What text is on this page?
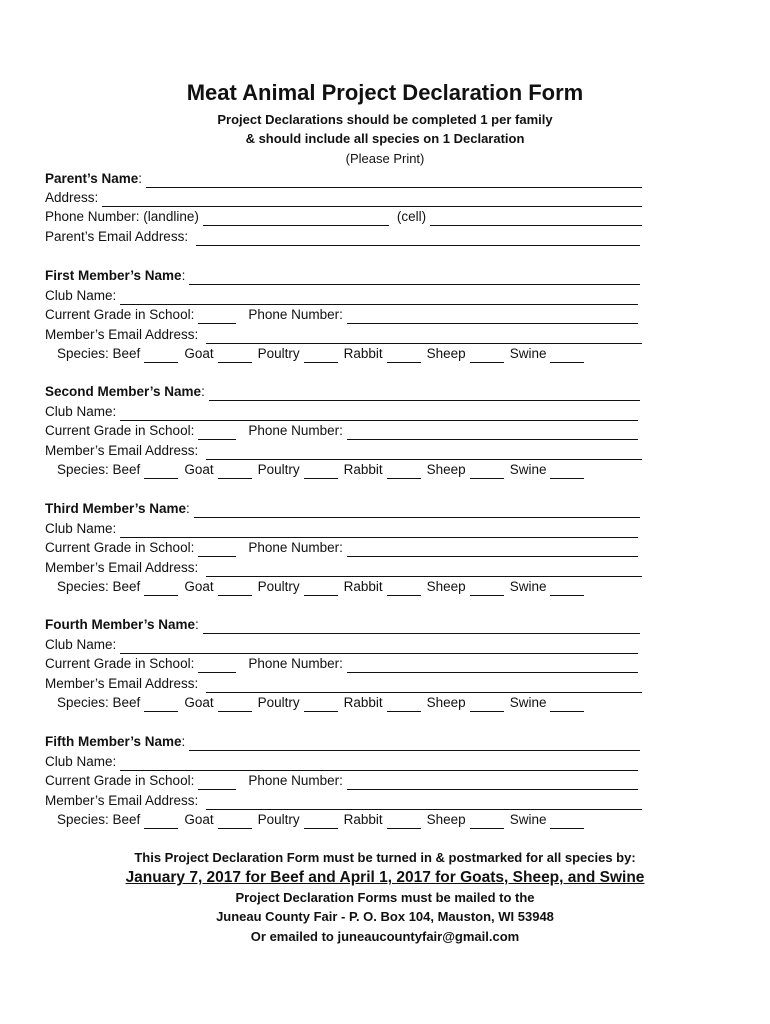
Meat Animal Project Declaration Form
Project Declarations should be completed 1 per family
& should include all species on 1 Declaration
(Please Print)
Parent’s Name:
Address:
Phone Number: (landline)	(cell)
Parent’s Email Address:
First Member’s Name:
Club Name:
Current Grade in School:	Phone Number:
Member’s Email Address:
Species: Beef	Goat	Poultry	Rabbit	Sheep	Swine
Second Member’s Name:
Club Name:
Current Grade in School:	Phone Number:
Member’s Email Address:
Species: Beef	Goat	Poultry	Rabbit	Sheep	Swine
Third Member’s Name:
Club Name:
Current Grade in School:	Phone Number:
Member’s Email Address:
Species: Beef	Goat	Poultry	Rabbit	Sheep	Swine
Fourth Member’s Name:
Club Name:
Current Grade in School:	Phone Number:
Member’s Email Address:
Species: Beef	Goat	Poultry	Rabbit	Sheep	Swine
Fifth Member’s Name:
Club Name:
Current Grade in School:	Phone Number:
Member’s Email Address:
Species: Beef	Goat	Poultry	Rabbit	Sheep	Swine
This Project Declaration Form must be turned in & postmarked for all species by:
January 7, 2017 for Beef and April 1, 2017 for Goats, Sheep, and Swine
Project Declaration Forms must be mailed to the
Juneau County Fair - P. O. Box 104, Mauston, WI 53948
Or emailed to juneaucountyfair@gmail.com
